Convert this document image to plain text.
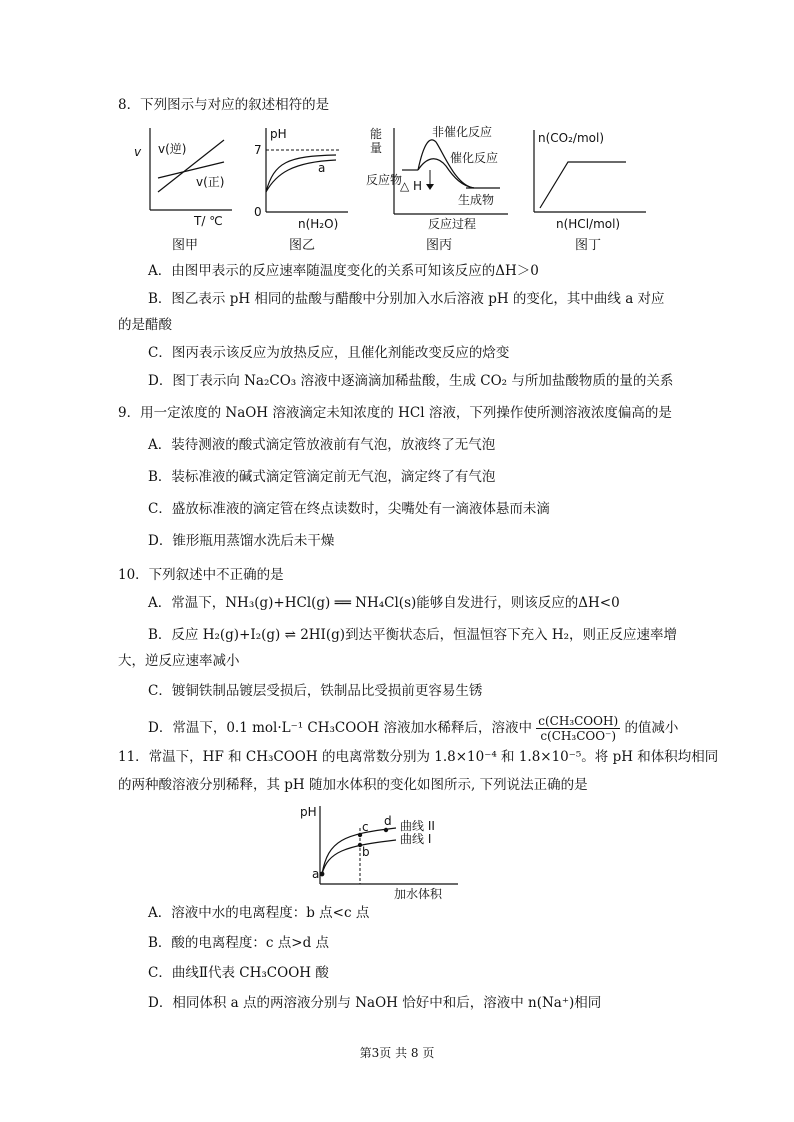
8．下列图示与对应的叙述相符的是
v v(逆)
v(正)
T/ ℃
图甲
pH
7
0
a
n(H₂O)
图乙
能
量
非催化反应
催化反应
反应物
△ H
生成物
反应过程
图丙
n(CO₂/mol)
n(HCl/mol)
图丁
A．由图甲表示的反应速率随温度变化的关系可知该反应的ΔH＞0
B．图乙表示 pH 相同的盐酸与醋酸中分别加入水后溶液 pH 的变化，其中曲线 a 对应
的是醋酸
C．图丙表示该反应为放热反应，且催化剂能改变反应的焓变
D．图丁表示向 Na₂CO₃ 溶液中逐滴滴加稀盐酸，生成 CO₂ 与所加盐酸物质的量的关系
9．用一定浓度的 NaOH 溶液滴定未知浓度的 HCl 溶液，下列操作使所测溶液浓度偏高的是
A．装待测液的酸式滴定管放液前有气泡，放液终了无气泡
B．装标准液的碱式滴定管滴定前无气泡，滴定终了有气泡
C．盛放标准液的滴定管在终点读数时，尖嘴处有一滴液体悬而未滴
D．锥形瓶用蒸馏水洗后未干燥
10．下列叙述中不正确的是
A．常温下，NH₃(g)+HCl(g) ══ NH₄Cl(s)能够自发进行，则该反应的ΔH<0
B．反应 H₂(g)+I₂(g) ⇌ 2HI(g)到达平衡状态后，恒温恒容下充入 H₂，则正反应速率增
大，逆反应速率减小
C．镀铜铁制品镀层受损后，铁制品比受损前更容易生锈
D．常温下，0.1 mol·L⁻¹ CH₃COOH 溶液加水稀释后，溶液中 $\frac{\text{c(CH₃COOH)}}{\text{c(CH₃COO⁻)}}$ 的值减小
11．常温下，HF 和 CH₃COOH 的电离常数分别为 1.8×10⁻⁴ 和 1.8×10⁻⁵。将 pH 和体积均相同
的两种酸溶液分别稀释，其 pH 随加水体积的变化如图所示, 下列说法正确的是
pH
a
b
c d 曲线 II
曲线 I
加水体积
A．溶液中水的电离程度：b 点<c 点
B．酸的电离程度：c 点>d 点
C．曲线Ⅱ代表 CH₃COOH 酸
D．相同体积 a 点的两溶液分别与 NaOH 恰好中和后，溶液中 n(Na⁺)相同
第3页 共 8 页
